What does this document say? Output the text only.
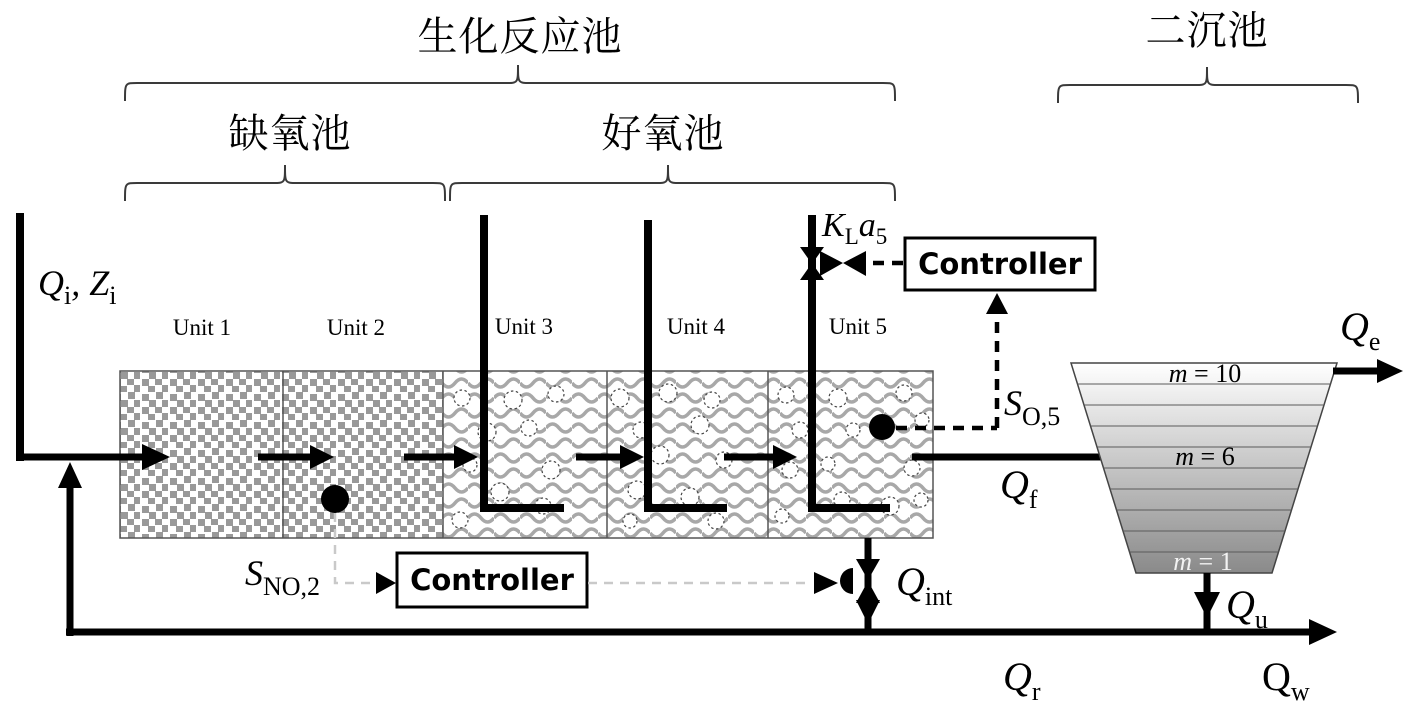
生化反应池	二沉池
缺氧池	好氧池
Unit 1	Unit 2	Unit 3	Unit 4	Unit 5
KLa5
Controller
SO,5
Qi, Zi
Controller
SNO,2	Qint
Qf
m = 10
m = 6
m = 1
Qe
Qu
Qr	Qw
